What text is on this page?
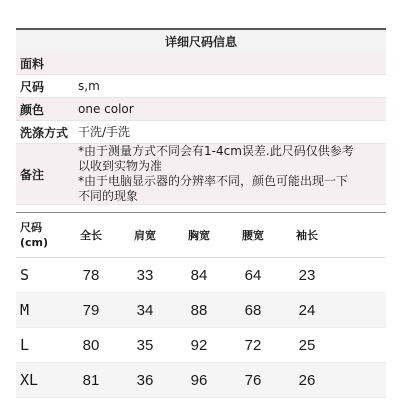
详细尺码信息
面料
尺码	s,m
颜色	one color
洗涤方式 干洗/手洗
备注
*由于测量方式不同会有1-4cm误差.此尺码仅供参考
以收到实物为准
*由于电脑显示器的分辨率不同，颜色可能出现一下
不同的现象
尺码
(cm)
全长	肩宽	胸宽	腰宽	袖长
S	78	33	84	64	23
M	79	34	88	68	24
L	80	35	92	72	25
XL	81	36	96	76	26
